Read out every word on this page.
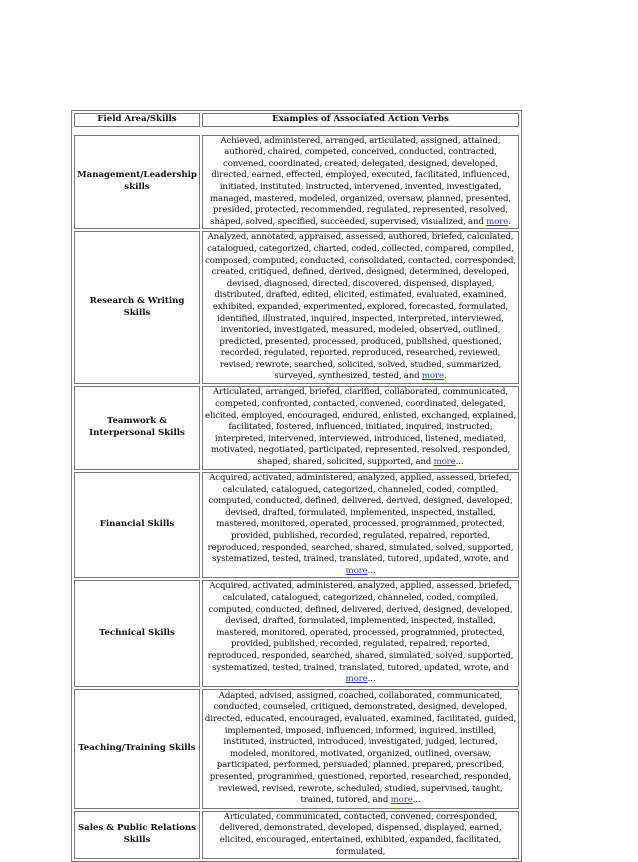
Field Area/Skills	Examples of Associated Action Verbs

Management/Leadership skills	Achieved, administered, arranged, articulated, assigned, attained, authored, chaired, competed, conceived, conducted, contracted, convened, coordinated, created, delegated, designed, developed, directed, earned, effected, employed, executed, facilitated, influenced, initiated, instituted, instructed, intervened, invented, investigated, managed, mastered, modeled, organized, oversaw, planned, presented, presided, protected, recommended, regulated, represented, resolved, shaped, solved, specified, succeeded, supervised, visualized, and more.
Research & Writing Skills	Analyzed, annotated, appraised, assessed, authored, briefed, calculated, catalogued, categorized, charted, coded, collected, compared, compiled, composed, computed, conducted, consolidated, contacted, corresponded, created, critiqued, defined, derived, designed, determined, developed, devised, diagnosed, directed, discovered, dispensed, displayed, distributed, drafted, edited, elicited, estimated, evaluated, examined, exhibited, expanded, experimented, explored, forecasted, formulated, identified, illustrated, inquired, inspected, interpreted, interviewed, inventoried, investigated, measured, modeled, observed, outlined, predicted, presented, processed, produced, published, questioned, recorded, regulated, reported, reproduced, researched, reviewed, revised, rewrote, searched, solicited, solved, studied, summarized, surveyed, synthesized, tested, and more.
Teamwork & Interpersonal Skills	Articulated, arranged, briefed, clarified, collaborated, communicated, competed, confronted, contacted, convened, coordinated, delegated, elicited, employed, encouraged, endured, enlisted, exchanged, explained, facilitated, fostered, influenced, initiated, inquired, instructed, interpreted, intervened, interviewed, introduced, listened, mediated, motivated, negotiated, participated, represented, resolved, responded, shaped, shared, solicited, supported, and more...
Financial Skills	Acquired, activated, administered, analyzed, applied, assessed, briefed, calculated, catalogued, categorized, channeled, coded, compiled, computed, conducted, defined, delivered, derived, designed, developed, devised, drafted, formulated, implemented, inspected, installed, mastered, monitored, operated, processed, programmed, protected, provided, published, recorded, regulated, repaired, reported, reproduced, responded, searched, shared, simulated, solved, supported, systematized, tested, trained, translated, tutored, updated, wrote, and more...
Technical Skills	Acquired, activated, administered, analyzed, applied, assessed, briefed, calculated, catalogued, categorized, channeled, coded, compiled, computed, conducted, defined, delivered, derived, designed, developed, devised, drafted, formulated, implemented, inspected, installed, mastered, monitored, operated, processed, programmed, protected, provided, published, recorded, regulated, repaired, reported, reproduced, responded, searched, shared, simulated, solved, supported, systematized, tested, trained, translated, tutored, updated, wrote, and more...
Teaching/Training Skills	Adapted, advised, assigned, coached, collaborated, communicated, conducted, counseled, critiqued, demonstrated, designed, developed, directed, educated, encouraged, evaluated, examined, facilitated, guided, implemented, imposed, influenced, informed, inquired, instilled, instituted, instructed, introduced, investigated, judged, lectured, modeled, monitored, motivated, organized, outlined, oversaw, participated, performed, persuaded, planned, prepared, prescribed, presented, programmed, questioned, reported, researched, responded, reviewed, revised, rewrote, scheduled, studied, supervised, taught, trained, tutored, and more...
Sales & Public Relations Skills	Articulated, communicated, contacted, convened, corresponded, delivered, demonstrated, developed, dispensed, displayed, earned, elicited, encouraged, entertained, exhibited, expanded, facilitated, formulated,
